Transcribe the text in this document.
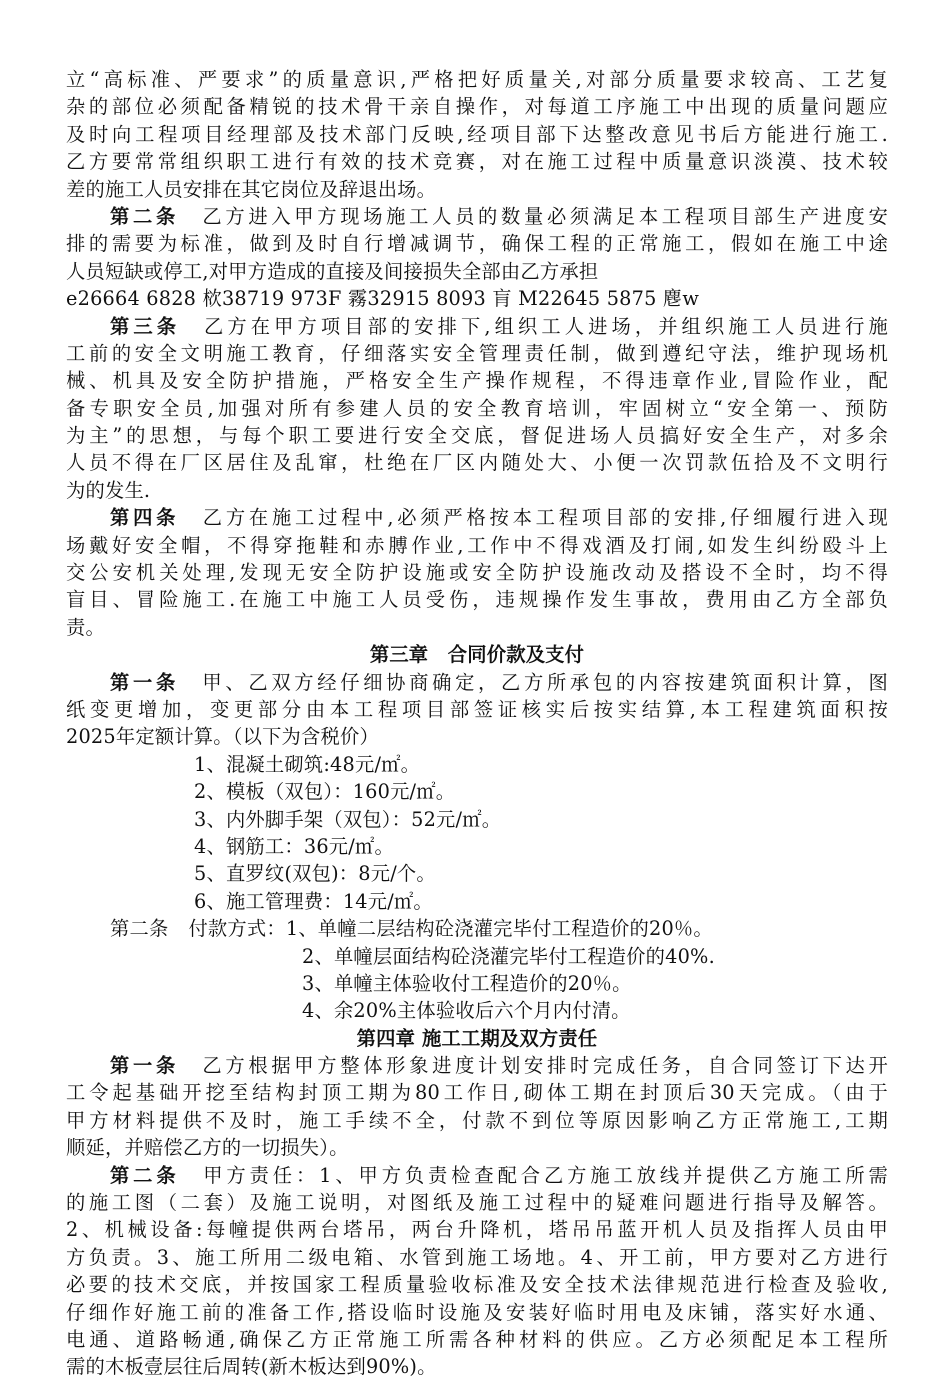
立“高标准、严要求”的质量意识,严格把好质量关,对部分质量要求较高、工艺复
杂的部位必须配备精锐的技术骨干亲自操作，对每道工序施工中出现的质量问题应
及时向工程项目经理部及技术部门反映,经项目部下达整改意见书后方能进行施工.
乙方要常常组织职工进行有效的技术竞赛，对在施工过程中质量意识淡漠、技术较
差的施工人员安排在其它岗位及辞退出场。
第二条 乙方进入甲方现场施工人员的数量必须满足本工程项目部生产进度安
排的需要为标准，做到及时自行增减调节，确保工程的正常施工，假如在施工中途
人员短缺或停工,对甲方造成的直接及间接损失全部由乙方承担
e26664 6828 栨38719 973F 霧32915 8093 肓 M22645 5875 麀w
第三条 乙方在甲方项目部的安排下,组织工人进场，并组织施工人员进行施
工前的安全文明施工教育，仔细落实安全管理责任制，做到遵纪守法，维护现场机
械、机具及安全防护措施，严格安全生产操作规程，不得违章作业,冒险作业，配
备专职安全员,加强对所有参建人员的安全教育培训，牢固树立“安全第一、预防
为主”的思想，与每个职工要进行安全交底，督促进场人员搞好安全生产，对多余
人员不得在厂区居住及乱窜，杜绝在厂区内随处大、小便一次罚款伍拾及不文明行
为的发生.
第四条 乙方在施工过程中,必须严格按本工程项目部的安排,仔细履行进入现
场戴好安全帽，不得穿拖鞋和赤膊作业,工作中不得戏酒及打闹,如发生纠纷殴斗上
交公安机关处理,发现无安全防护设施或安全防护设施改动及搭设不全时，均不得
盲目、冒险施工.在施工中施工人员受伤，违规操作发生事故，费用由乙方全部负
责。
第三章　合同价款及支付
第一条 甲、乙双方经仔细协商确定，乙方所承包的内容按建筑面积计算，图
纸变更增加，变更部分由本工程项目部签证核实后按实结算,本工程建筑面积按
2025年定额计算。（以下为含税价）
1、混凝土砌筑:48元/㎡。
2、模板（双包）：160元/㎡。
3、内外脚手架（双包）：52元/㎡。
4、钢筋工：36元/㎡。
5、直罗纹(双包)：8元/个。
6、施工管理费：14元/㎡。
第二条 付款方式：1、单幢二层结构砼浇灌完毕付工程造价的20％。
2、单幢层面结构砼浇灌完毕付工程造价的40%.
3、单幢主体验收付工程造价的20％。
4、余20%主体验收后六个月内付清。
第四章 施工工期及双方责任
第一条 乙方根据甲方整体形象进度计划安排时完成任务，自合同签订下达开
工令起基础开挖至结构封顶工期为80工作日,砌体工期在封顶后30天完成。（由于
甲方材料提供不及时，施工手续不全，付款不到位等原因影响乙方正常施工,工期
顺延，并赔偿乙方的一切损失）。
第二条 甲方责任：1、甲方负责检查配合乙方施工放线并提供乙方施工所需
的施工图（二套）及施工说明，对图纸及施工过程中的疑难问题进行指导及解答。
2、机械设备:每幢提供两台塔吊，两台升降机，塔吊吊蓝开机人员及指挥人员由甲
方负责。3、施工所用二级电箱、水管到施工场地。4、开工前，甲方要对乙方进行
必要的技术交底，并按国家工程质量验收标准及安全技术法律规范进行检查及验收,
仔细作好施工前的准备工作,搭设临时设施及安装好临时用电及床铺，落实好水通、
电通、道路畅通,确保乙方正常施工所需各种材料的供应。乙方必须配足本工程所
需的木板壹层往后周转(新木板达到90%)。
